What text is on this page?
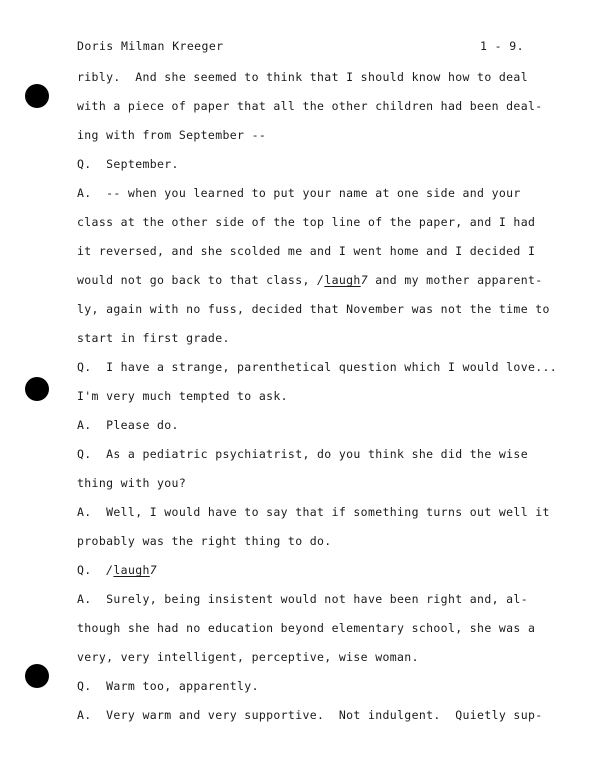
Doris Milman Kreeger	1 - 9.
ribly.  And she seemed to think that I should know how to deal
with a piece of paper that all the other children had been deal-
ing with from September --
Q.  September.
A.  -- when you learned to put your name at one side and your
class at the other side of the top line of the paper, and I had
it reversed, and she scolded me and I went home and I decided I
would not go back to that class, /laugh7 and my mother apparent-
ly, again with no fuss, decided that November was not the time to
start in first grade.
Q.  I have a strange, parenthetical question which I would love...
I'm very much tempted to ask.
A.  Please do.
Q.  As a pediatric psychiatrist, do you think she did the wise
thing with you?
A.  Well, I would have to say that if something turns out well it
probably was the right thing to do.
Q.  /laugh7
A.  Surely, being insistent would not have been right and, al-
though she had no education beyond elementary school, she was a
very, very intelligent, perceptive, wise woman.
Q.  Warm too, apparently.
A.  Very warm and very supportive.  Not indulgent.  Quietly sup-
